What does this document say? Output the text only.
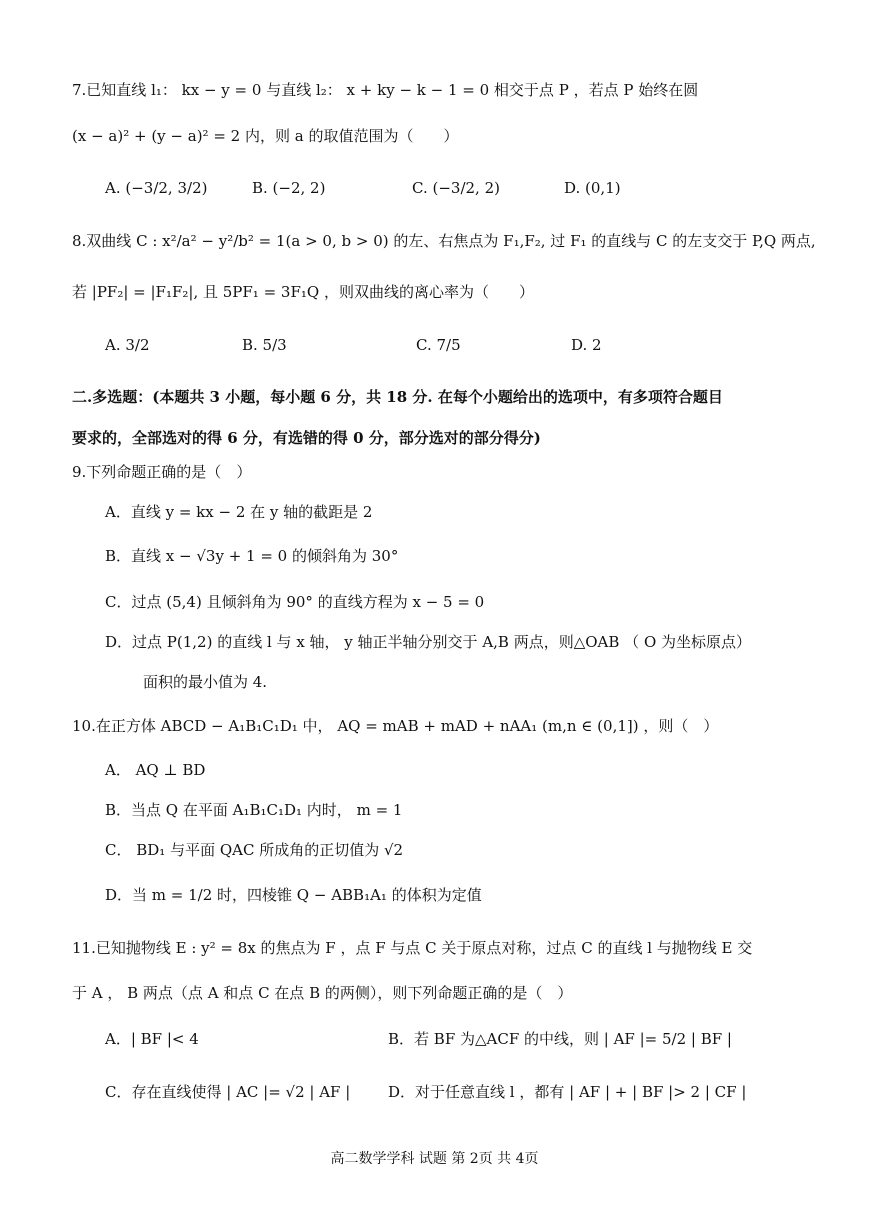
7.已知直线 l₁： kx − y = 0 与直线 l₂： x + ky − k − 1 = 0 相交于点 P ，若点 P 始终在圆
(x − a)² + (y − a)² = 2 内，则 a 的取值范围为（　　）
A. (−3/2, 3/2)	B. (−2, 2)	C. (−3/2, 2)	D. (0,1)
8.双曲线 C : x²/a² − y²/b² = 1(a > 0, b > 0) 的左、右焦点为 F₁,F₂, 过 F₁ 的直线与 C 的左支交于 P,Q 两点,
若 |PF₂| = |F₁F₂|, 且 5PF₁ = 3F₁Q ，则双曲线的离心率为（　　）
A. 3/2	B. 5/3	C. 7/5	D. 2
二.多选题：(本题共 3 小题，每小题 6 分，共 18 分. 在每个小题给出的选项中，有多项符合题目
要求的，全部选对的得 6 分，有选错的得 0 分，部分选对的部分得分)
9.下列命题正确的是（　）
A．直线 y = kx − 2 在 y 轴的截距是 2
B．直线 x − √3y + 1 = 0 的倾斜角为 30°
C．过点 (5,4) 且倾斜角为 90° 的直线方程为 x − 5 = 0
D．过点 P(1,2) 的直线 l 与 x 轴， y 轴正半轴分别交于 A,B 两点，则△OAB （ O 为坐标原点）
面积的最小值为 4.
10.在正方体 ABCD − A₁B₁C₁D₁ 中， AQ = mAB + mAD + nAA₁ (m,n ∈ (0,1]) ，则（　）
A． AQ ⊥ BD
B．当点 Q 在平面 A₁B₁C₁D₁ 内时， m = 1
C． BD₁ 与平面 QAC 所成角的正切值为 √2
D．当 m = 1/2 时，四棱锥 Q − ABB₁A₁ 的体积为定值
11.已知抛物线 E : y² = 8x 的焦点为 F ，点 F 与点 C 关于原点对称，过点 C 的直线 l 与抛物线 E 交
于 A ， B 两点（点 A 和点 C 在点 B 的两侧），则下列命题正确的是（　）
A．| BF |< 4	B．若 BF 为△ACF 的中线，则 | AF |= 5/2 | BF |
C．存在直线使得 | AC |= √2 | AF |	D．对于任意直线 l ，都有 | AF | + | BF |> 2 | CF |
高二数学学科 试题 第 2页 共 4页
